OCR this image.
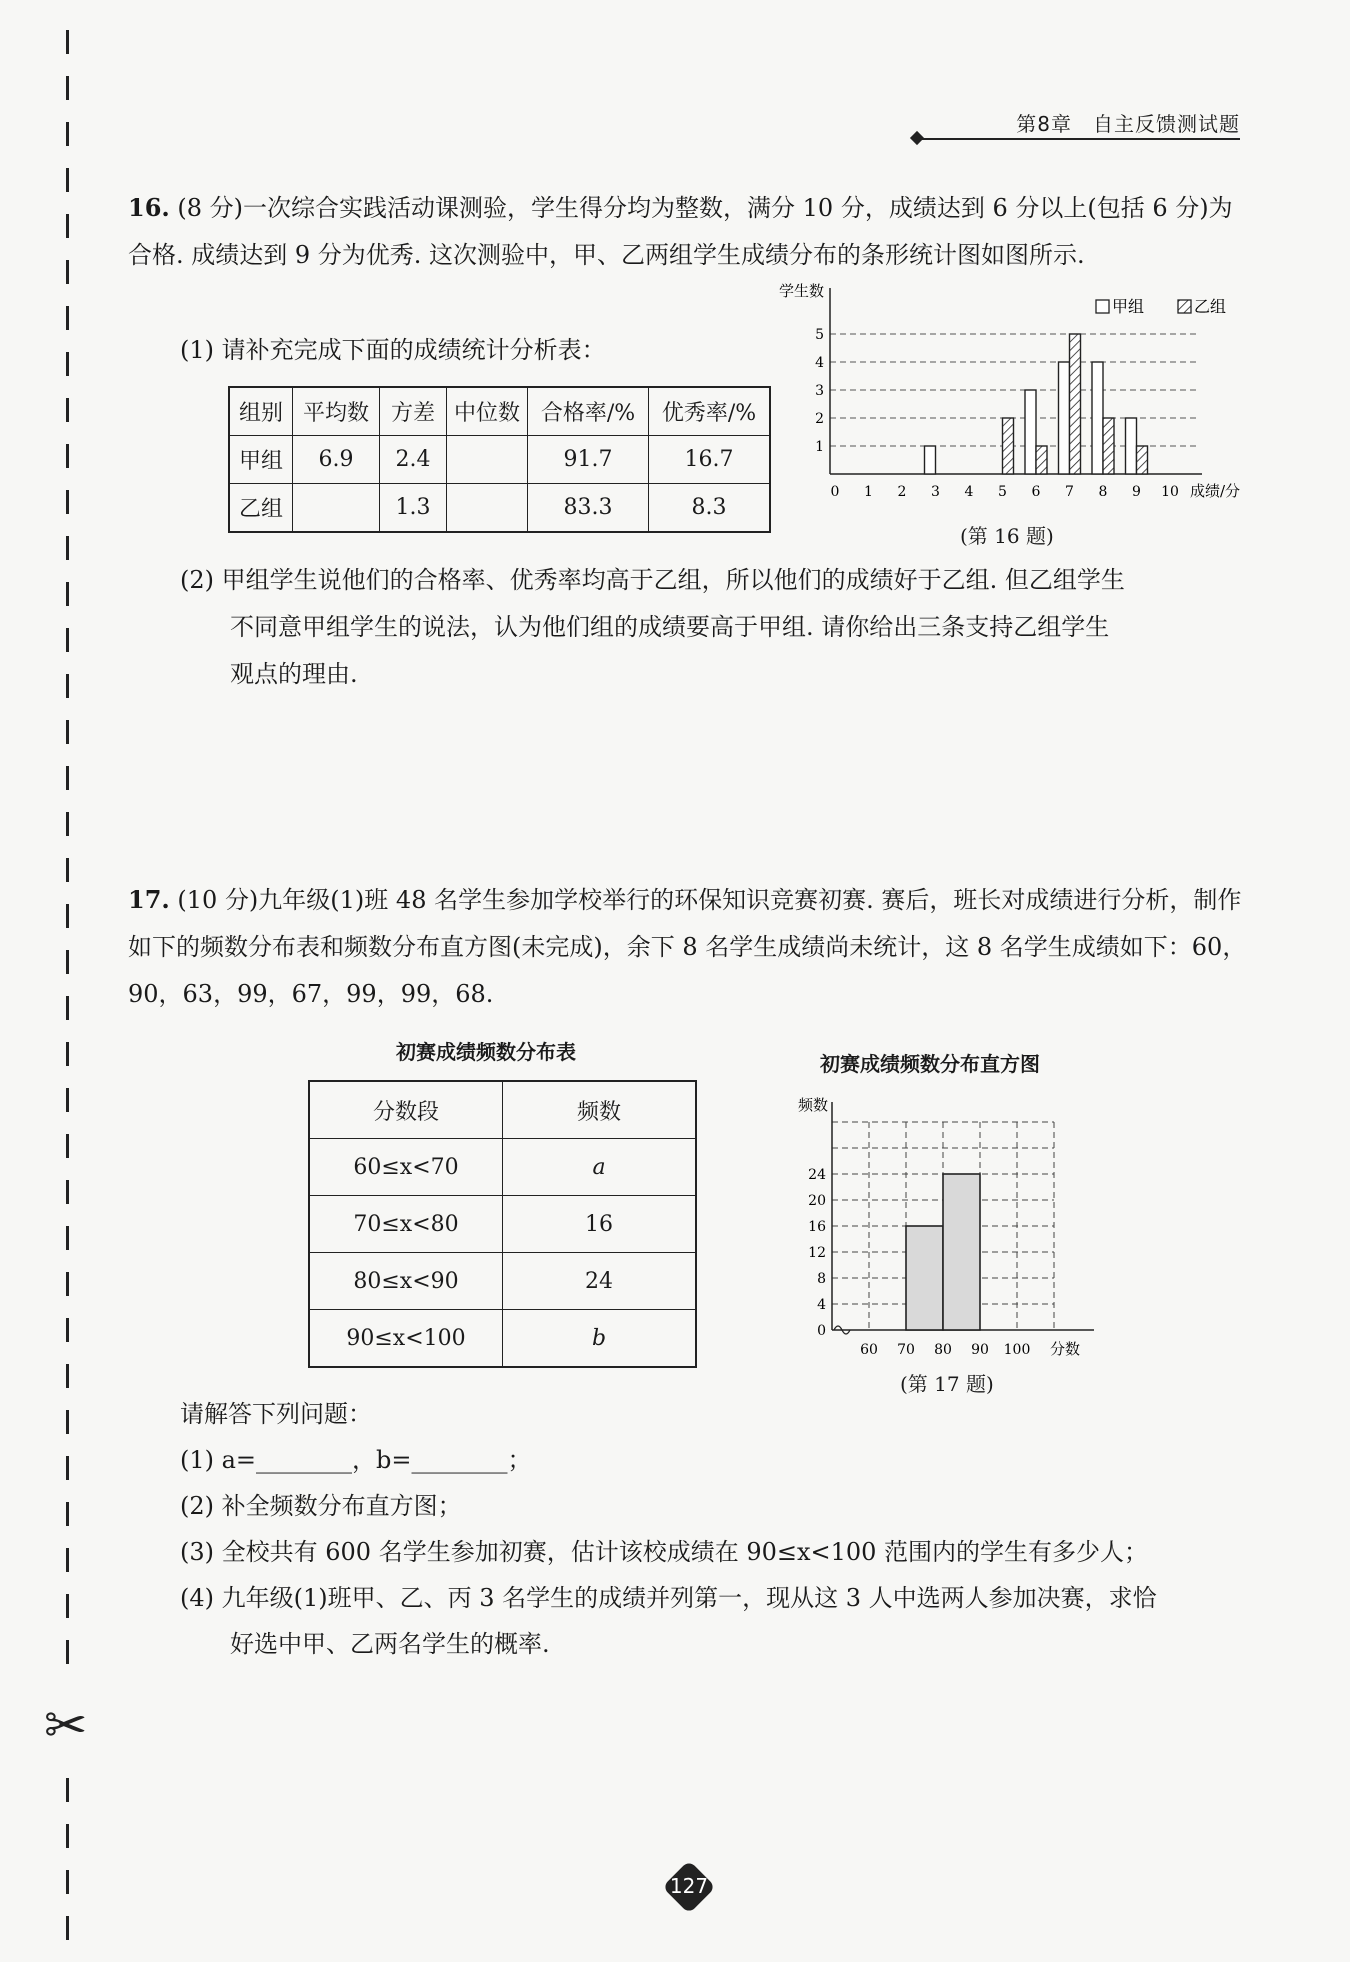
✂
第8章　自主反馈测试题
16. (8 分)一次综合实践活动课测验，学生得分均为整数，满分 10 分，成绩达到 6 分以上(包括 6 分)为合格. 成绩达到 9 分为优秀. 这次测验中，甲、乙两组学生成绩分布的条形统计图如图所示.
(1) 请补充完成下面的成绩统计分析表：
组别	平均数	方差	中位数	合格率/%	优秀率/%
甲组	6.9	2.4		91.7	16.7
乙组		1.3		83.3	8.3
1
2
3
4
5
学生数
0 1 2 3 4 5 6 7 8 9 10 成绩/分
甲组	乙组
(第 16 题)
(2) 甲组学生说他们的合格率、优秀率均高于乙组，所以他们的成绩好于乙组. 但乙组学生
不同意甲组学生的说法，认为他们组的成绩要高于甲组. 请你给出三条支持乙组学生
观点的理由.
17. (10 分)九年级(1)班 48 名学生参加学校举行的环保知识竞赛初赛. 赛后，班长对成绩进行分析，制作如下的频数分布表和频数分布直方图(未完成)，余下 8 名学生成绩尚未统计，这 8 名学生成绩如下：60，90，63，99，67，99，99，68.
初赛成绩频数分布表
分数段	频数
60≤x<70	a
70≤x<80	16
80≤x<90	24
90≤x<100	b
初赛成绩频数分布直方图
0
4
8
12
16
20
24
频数
60 70 80 90 100 分数
(第 17 题)
请解答下列问题：
(1) a=________，b=________；
(2) 补全频数分布直方图；
(3) 全校共有 600 名学生参加初赛，估计该校成绩在 90≤x<100 范围内的学生有多少人；
(4) 九年级(1)班甲、乙、丙 3 名学生的成绩并列第一，现从这 3 人中选两人参加决赛，求恰
好选中甲、乙两名学生的概率.
127
